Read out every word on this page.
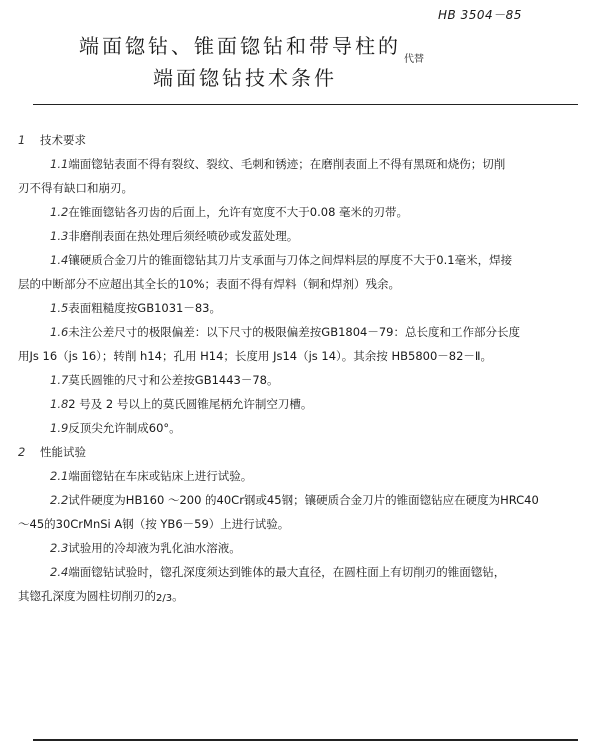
HB 3504－85
代替
端面锪钻、锥面锪钻和带导柱的
端面锪钻技术条件

1 技术要求

1.1端面锪钻表面不得有裂纹、裂纹、毛刺和锈迹；在磨削表面上不得有黑斑和烧伤；切削

刃不得有缺口和崩刃。

1.2在锥面锪钻各刃齿的后面上，允许有宽度不大于0.08 毫米的刃带。

1.3非磨削表面在热处理后须经喷砂或发蓝处理。

1.4镶硬质合金刀片的锥面锪钻其刀片支承面与刀体之间焊料层的厚度不大于0.1毫米，焊接

层的中断部分不应超出其全长的10%；表面不得有焊料（铜和焊剂）残余。

1.5表面粗糙度按GB1031－83。

1.6未注公差尺寸的极限偏差：以下尺寸的极限偏差按GB1804－79：总长度和工作部分长度

用Js 16（js 16）；转削 h14；孔用 H14；长度用 Js14（js 14）。其余按 HB5800－82－Ⅱ。

1.7莫氏圆锥的尺寸和公差按GB1443－78。

1.82 号及 2 号以上的莫氏圆锥尾柄允许制空刀槽。

1.9反顶尖允许制成60°。

2 性能试验

2.1端面锪钻在车床或钻床上进行试验。

2.2试件硬度为HB160 ～200 的40Cr钢或45钢；镶硬质合金刀片的锥面锪钻应在硬度为HRC40

～45的30CrMnSi A钢（按 YB6－59）上进行试验。

2.3试验用的冷却液为乳化油水溶液。

2.4端面锪钻试验时，锪孔深度须达到锥体的最大直径，在圆柱面上有切削刃的锥面锪钻，

其锪孔深度为圆柱切削刃的2/3。
